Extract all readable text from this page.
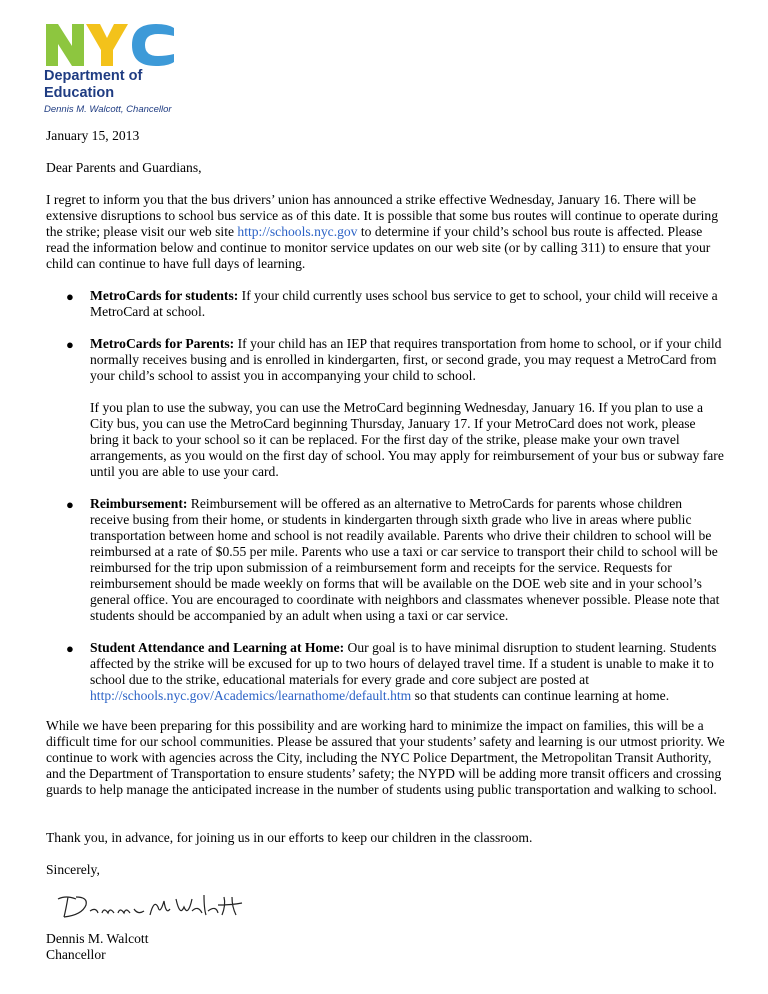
Department of
Education
Dennis M. Walcott, Chancellor
January 15, 2013
Dear Parents and Guardians,
I regret to inform you that the bus drivers’ union has announced a strike effective Wednesday, January 16. There will be extensive disruptions to school bus service as of this date. It is possible that some bus routes will continue to operate during the strike; please visit our web site http://schools.nyc.gov to determine if your child’s school bus route is affected. Please read the information below and continue to monitor service updates on our web site (or by calling 311) to ensure that your child can continue to have full days of learning.
● MetroCards for students: If your child currently uses school bus service to get to school, your child will receive a MetroCard at school.
● MetroCards for Parents: If your child has an IEP that requires transportation from home to school, or if your child normally receives busing and is enrolled in kindergarten, first, or second grade, you may request a MetroCard from your child’s school to assist you in accompanying your child to school.
If you plan to use the subway, you can use the MetroCard beginning Wednesday, January 16. If you plan to use a City bus, you can use the MetroCard beginning Thursday, January 17. If your MetroCard does not work, please bring it back to your school so it can be replaced. For the first day of the strike, please make your own travel arrangements, as you would on the first day of school. You may apply for reimbursement of your bus or subway fare until you are able to use your card.
● Reimbursement: Reimbursement will be offered as an alternative to MetroCards for parents whose children receive busing from their home, or students in kindergarten through sixth grade who live in areas where public transportation between home and school is not readily available. Parents who drive their children to school will be reimbursed at a rate of $0.55 per mile. Parents who use a taxi or car service to transport their child to school will be reimbursed for the trip upon submission of a reimbursement form and receipts for the service. Requests for reimbursement should be made weekly on forms that will be available on the DOE web site and in your school’s general office. You are encouraged to coordinate with neighbors and classmates whenever possible. Please note that students should be accompanied by an adult when using a taxi or car service.
● Student Attendance and Learning at Home: Our goal is to have minimal disruption to student learning. Students affected by the strike will be excused for up to two hours of delayed travel time. If a student is unable to make it to school due to the strike, educational materials for every grade and core subject are posted at http://schools.nyc.gov/Academics/learnathome/default.htm so that students can continue learning at home.
While we have been preparing for this possibility and are working hard to minimize the impact on families, this will be a difficult time for our school communities. Please be assured that your students’ safety and learning is our utmost priority. We continue to work with agencies across the City, including the NYC Police Department, the Metropolitan Transit Authority, and the Department of Transportation to ensure students’ safety; the NYPD will be adding more transit officers and crossing guards to help manage the anticipated increase in the number of students using public transportation and walking to school.
Thank you, in advance, for joining us in our efforts to keep our children in the classroom.
Sincerely,
Dennis M. Walcott
Chancellor
